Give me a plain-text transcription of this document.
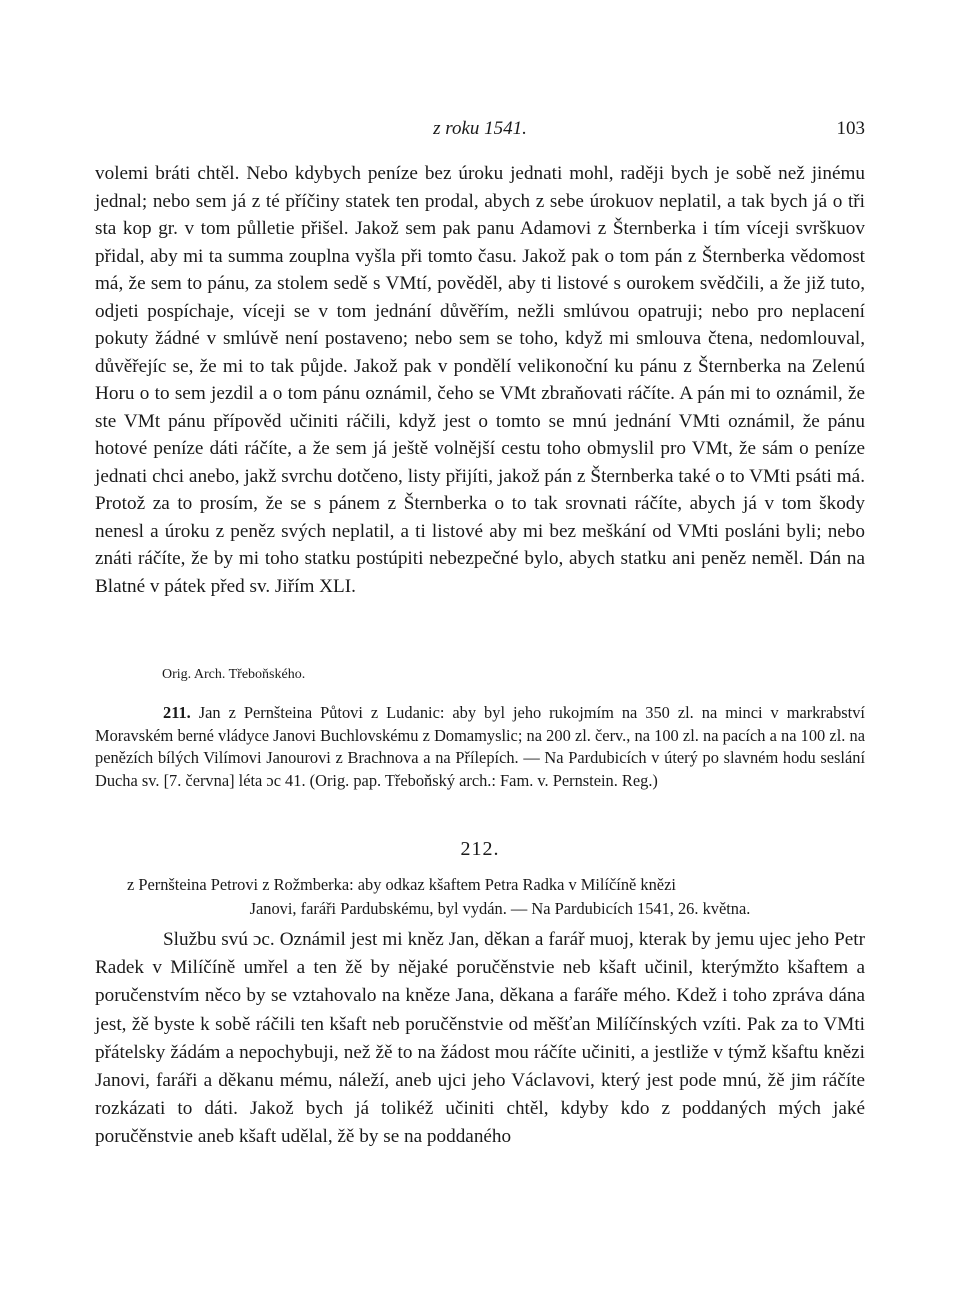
z roku 1541.	103

volemi bráti chtěl. Nebo kdybych peníze bez úroku jednati mohl, raději bych je sobě než jinému jednal; nebo sem já z té příčiny statek ten prodal, abych z sebe úrokuov neplatil, a tak bych já o tři sta kop gr. v tom půlletie přišel. Jakož sem pak panu Adamovi z Šternberka i tím víceji svrškuov přidal, aby mi ta summa zouplna vyšla při tomto času. Jakož pak o tom pán z Šternberka vědomost má, že sem to pánu, za stolem sedě s VMtí, pověděl, aby ti listové s ourokem svědčili, a že již tuto, odjeti pospíchaje, víceji se v tom jednání důvěřím, nežli smlúvou opatruji; nebo pro neplacení pokuty žádné v smlúvě není postaveno; nebo sem se toho, když mi smlouva čtena, nedomlouval, důvěřejíc se, že mi to tak půjde. Jakož pak v pondělí velikonoční ku pánu z Šternberka na Zelenú Horu o to sem jezdil a o tom pánu oznámil, čeho se VMt zbraňovati ráčíte. A pán mi to oznámil, že ste VMt pánu přípověd učiniti ráčili, když jest o tomto se mnú jednání VMti oznámil, že pánu hotové peníze dáti ráčíte, a že sem já ještě volnější cestu toho obmyslil pro VMt, že sám o peníze jednati chci anebo, jakž svrchu dotčeno, listy přijíti, jakož pán z Šternberka také o to VMti psáti má. Protož za to prosím, že se s pánem z Šternberka o to tak srovnati ráčíte, abych já v tom škody nenesl a úroku z peněz svých neplatil, a ti listové aby mi bez meškání od VMti posláni byli; nebo znáti ráčíte, že by mi toho statku postúpiti nebezpečné bylo, abych statku ani peněz neměl. Dán na Blatné v pátek před sv. Jiřím XLI.

Orig. Arch. Třeboňského.
211. Jan z Pernšteina Půtovi z Ludanic: aby byl jeho rukojmím na 350 zl. na minci v markrabství Moravském berné vládyce Janovi Buchlovskému z Domamyslic; na 200 zl. červ., na 100 zl. na pacích a na 100 zl. na penězích bílých Vilímovi Janourovi z Brachnova a na Přílepích. — Na Pardubicích v úterý po slavném hodu seslání Ducha sv. [7. června] léta ɔc 41. (Orig. pap. Třeboňský arch.: Fam. v. Pernstein. Reg.)
212.
z Pernšteina Petrovi z Rožmberka: aby odkaz kšaftem Petra Radka v Milíčíně knězi
Janovi, faráři Pardubskému, byl vydán. — Na Pardubicích 1541, 26. května.
Službu svú ɔc. Oznámil jest mi kněz Jan, děkan a farář muoj, kterak by jemu ujec jeho Petr Radek v Milíčíně umřel a ten žě by nějaké poručěnstvie neb kšaft učinil, kterýmžto kšaftem a poručenstvím něco by se vztahovalo na kněze Jana, děkana a faráře mého. Kdež i toho zpráva dána jest, žě byste k sobě ráčili ten kšaft neb poručěnstvie od měšťan Milíčínských vzíti. Pak za to VMti přátelsky žádám a nepochybuji, než žě to na žádost mou ráčíte učiniti, a jestliže v týmž kšaftu knězi Janovi, faráři a děkanu mému, náleží, aneb ujci jeho Václavovi, který jest pode mnú, žě jim ráčíte rozkázati to dáti. Jakož bych já tolikéž učiniti chtěl, kdyby kdo z poddaných mých jaké poručěnstvie aneb kšaft udělal, žě by se na poddaného
